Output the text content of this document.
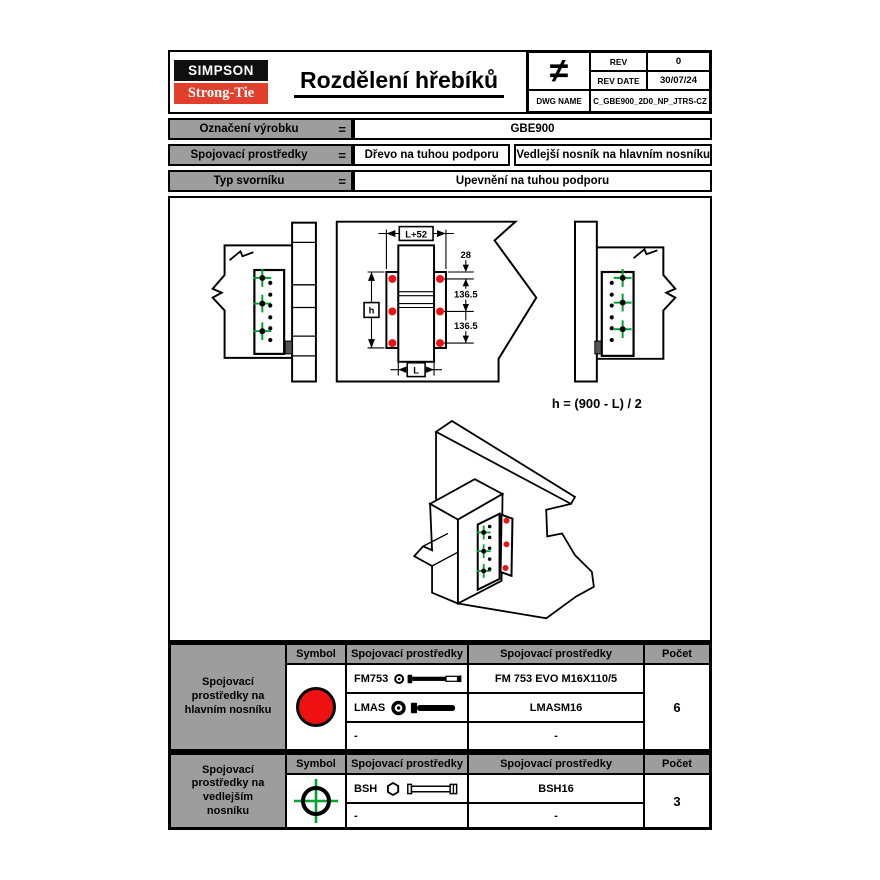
SIMPSON
Strong-Tie
Rozdělení hřebíků	≠	REV	0
REV DATE	30/07/24
DWG NAME	C_GBE900_2D0_NP_JTRS-CZ
Označení výrobku	=	GBE900
Spojovací prostředky	=	Dřevo na tuhou podporu	Vedlejší nosník na hlavním nosníku
Typ svorníku	=	Upevnění na tuhou podporu
L+52
h
28
136.5
136.5
L
h = (900 - L) / 2
Spojovací prostředky na hlavním nosníku
Symbol	Spojovací prostředky	Spojovací prostředky	Počet
FM753	FM 753 EVO M16X110/5
LMAS	LMASM16
-	-
6
Spojovací prostředky na vedlejším nosníku
Symbol	Spojovací prostředky	Spojovací prostředky	Počet
BSH	BSH16
-	-
3
